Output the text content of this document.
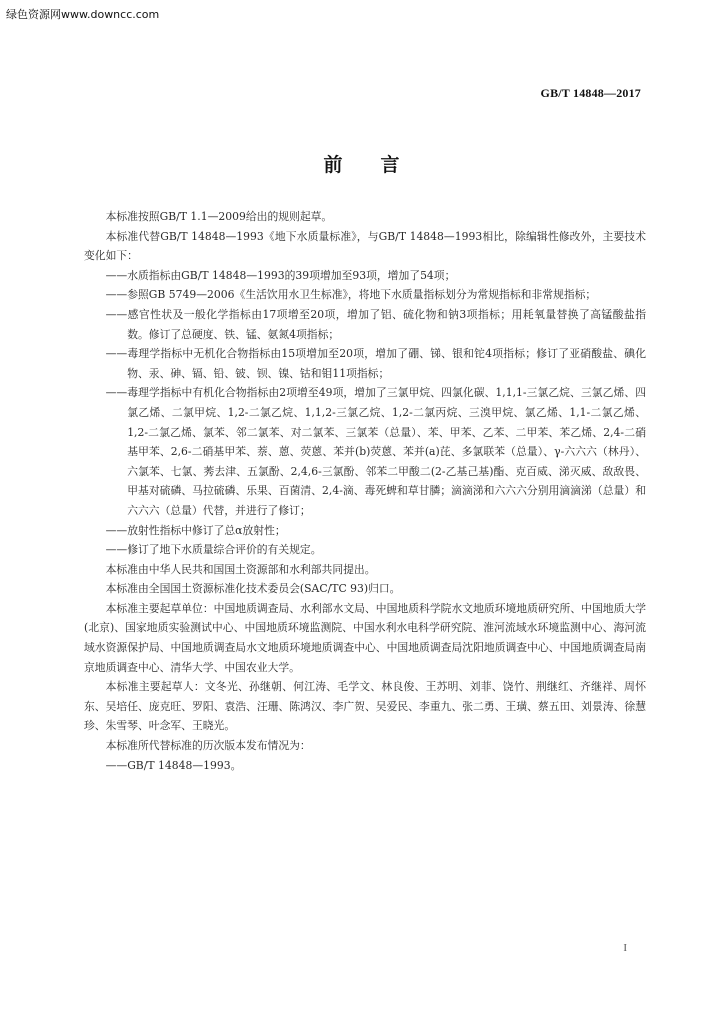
绿色资源网www.downcc.com
GB/T 14848—2017
前言

本标准按照GB/T 1.1—2009给出的规则起草。

本标准代替GB/T 14848—1993《地下水质量标准》，与GB/T 14848—1993相比，除编辑性修改外，主要技术变化如下：

——水质指标由GB/T 14848—1993的39项增加至93项，增加了54项；

——参照GB 5749—2006《生活饮用水卫生标准》，将地下水质量指标划分为常规指标和非常规指标；

——感官性状及一般化学指标由17项增至20项，增加了铝、硫化物和钠3项指标；用耗氧量替换了高锰酸盐指数。修订了总硬度、铁、锰、氨氮4项指标；

——毒理学指标中无机化合物指标由15项增加至20项，增加了硼、锑、银和铊4项指标；修订了亚硝酸盐、碘化物、汞、砷、镉、铅、铍、钡、镍、钴和钼11项指标；

——毒理学指标中有机化合物指标由2项增至49项，增加了三氯甲烷、四氯化碳、1,1,1-三氯乙烷、三氯乙烯、四氯乙烯、二氯甲烷、1,2-二氯乙烷、1,1,2-三氯乙烷、1,2-二氯丙烷、三溴甲烷、氯乙烯、1,1-二氯乙烯、1,2-二氯乙烯、氯苯、邻二氯苯、对二氯苯、三氯苯（总量）、苯、甲苯、乙苯、二甲苯、苯乙烯、2,4-二硝基甲苯、2,6-二硝基甲苯、萘、蒽、荧蒽、苯并(b)荧蒽、苯并(a)芘、多氯联苯（总量）、γ-六六六（林丹）、六氯苯、七氯、莠去津、五氯酚、2,4,6-三氯酚、邻苯二甲酸二(2-乙基己基)酯、克百威、涕灭威、敌敌畏、甲基对硫磷、马拉硫磷、乐果、百菌清、2,4-滴、毒死蜱和草甘膦；滴滴涕和六六六分别用滴滴涕（总量）和六六六（总量）代替，并进行了修订；

——放射性指标中修订了总α放射性；

——修订了地下水质量综合评价的有关规定。

本标准由中华人民共和国国土资源部和水利部共同提出。

本标准由全国国土资源标准化技术委员会(SAC/TC 93)归口。

本标准主要起草单位：中国地质调查局、水利部水文局、中国地质科学院水文地质环境地质研究所、中国地质大学(北京)、国家地质实验测试中心、中国地质环境监测院、中国水利水电科学研究院、淮河流域水环境监测中心、海河流域水资源保护局、中国地质调查局水文地质环境地质调查中心、中国地质调查局沈阳地质调查中心、中国地质调查局南京地质调查中心、清华大学、中国农业大学。

本标准主要起草人：文冬光、孙继朝、何江涛、毛学文、林良俊、王苏明、刘菲、饶竹、荆继红、齐继祥、周怀东、吴培任、庞克旺、罗阳、袁浩、汪珊、陈鸿汉、李广贺、吴爱民、李重九、张二勇、王璜、蔡五田、刘景涛、徐慧珍、朱雪琴、叶念军、王晓光。

本标准所代替标准的历次版本发布情况为：

——GB/T 14848—1993。

I
